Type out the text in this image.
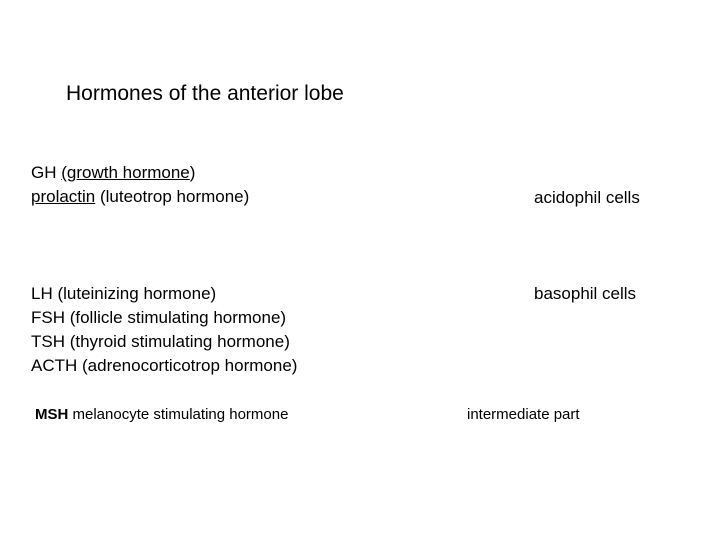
Hormones of the anterior lobe
GH (growth hormone)
prolactin (luteotrop hormone)	acidophil cells
LH (luteinizing hormone)
FSH (follicle stimulating hormone)
TSH (thyroid stimulating hormone)
ACTH (adrenocorticotrop hormone)
basophil cells
MSH melanocyte stimulating hormone	intermediate part
